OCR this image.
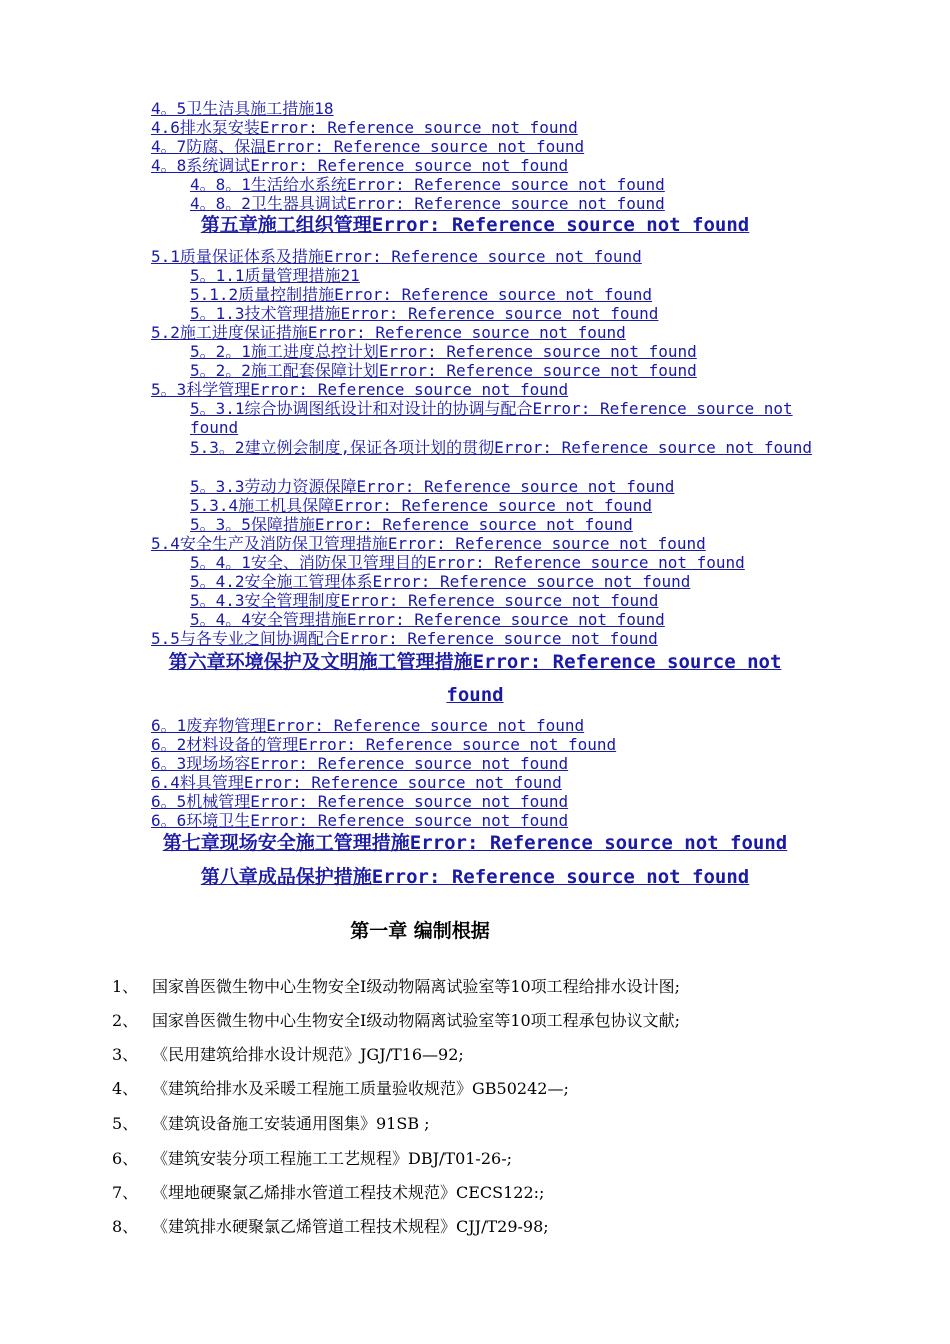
4。5卫生洁具施工措施18
4.6排水泵安装Error: Reference source not found
4。7防腐、保温Error: Reference source not found
4。8系统调试Error: Reference source not found
4。8。1生活给水系统Error: Reference source not found
4。8。2卫生器具调试Error: Reference source not found
第五章施工组织管理Error: Reference source not found
5.1质量保证体系及措施Error: Reference source not found
5。1.1质量管理措施21
5.1.2质量控制措施Error: Reference source not found
5。1.3技术管理措施Error: Reference source not found
5.2施工进度保证措施Error: Reference source not found
5。2。1施工进度总控计划Error: Reference source not found
5。2。2施工配套保障计划Error: Reference source not found
5。3科学管理Error: Reference source not found
5。3.1综合协调图纸设计和对设计的协调与配合Error: Reference source not found
5.3。2建立例会制度,保证各项计划的贯彻Error: Reference source not found
5。3.3劳动力资源保障Error: Reference source not found
5.3.4施工机具保障Error: Reference source not found
5。3。5保障措施Error: Reference source not found
5.4安全生产及消防保卫管理措施Error: Reference source not found
5。4。1安全、消防保卫管理目的Error: Reference source not found
5。4.2安全施工管理体系Error: Reference source not found
5。4.3安全管理制度Error: Reference source not found
5。4。4安全管理措施Error: Reference source not found
5.5与各专业之间协调配合Error: Reference source not found
第六章环境保护及文明施工管理措施Error: Reference source not found
6。1废弃物管理Error: Reference source not found
6。2材料设备的管理Error: Reference source not found
6。3现场场容Error: Reference source not found
6.4料具管理Error: Reference source not found
6。5机械管理Error: Reference source not found
6。6环境卫生Error: Reference source not found
第七章现场安全施工管理措施Error: Reference source not found
第八章成品保护措施Error: Reference source not found
第一章 编制根据
1、 国家兽医微生物中心生物安全Ⅰ级动物隔离试验室等10项工程给排水设计图;
2、 国家兽医微生物中心生物安全Ⅰ级动物隔离试验室等10项工程承包协议文献;
3、 《民用建筑给排水设计规范》JGJ/T16—92;
4、 《建筑给排水及采暖工程施工质量验收规范》GB50242—;
5、 《建筑设备施工安装通用图集》91SB ;
6、 《建筑安装分项工程施工工艺规程》DBJ/T01-26-;
7、 《埋地硬聚氯乙烯排水管道工程技术规范》CECS122:;
8、 《建筑排水硬聚氯乙烯管道工程技术规程》CJJ/T29-98;
